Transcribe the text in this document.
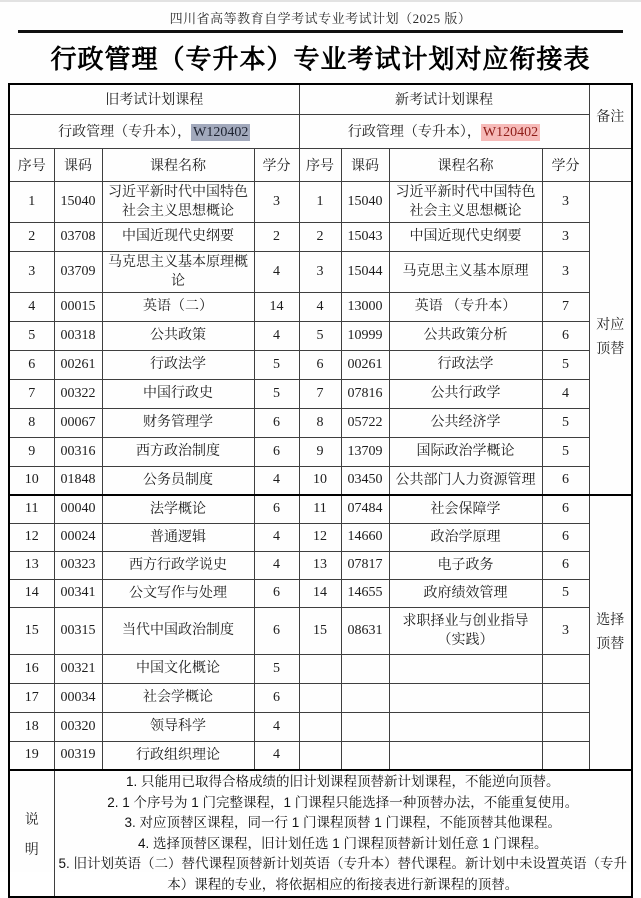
四川省高等教育自学考试专业考试计划（2025 版）
行政管理（专升本）专业考试计划对应衔接表
旧考试计划课程				新考试计划课程				备注
行政管理（专升本）， W120402				行政管理（专升本）， W120402				
序号	课码	课程名称	学分	序号	课码	课程名称	学分	
1	15040	习近平新时代中国特色社会主义思想概论	3	1	15040	习近平新时代中国特色社会主义思想概论	3	对应顶替
2	03708	中国近现代史纲要	2	2	15043	中国近现代史纲要	3	
3	03709	马克思主义基本原理概论	4	3	15044	马克思主义基本原理	3	
4	00015	英语（二）	14	4	13000	英语 （专升本）	7	
5	00318	公共政策	4	5	10999	公共政策分析	6	
6	00261	行政法学	5	6	00261	行政法学	5	
7	00322	中国行政史	5	7	07816	公共行政学	4	
8	00067	财务管理学	6	8	05722	公共经济学	5	
9	00316	西方政治制度	6	9	13709	国际政治学概论	5	
10	01848	公务员制度	4	10	03450	公共部门人力资源管理	6	
11	00040	法学概论	6	11	07484	社会保障学	6	选择顶替
12	00024	普通逻辑	4	12	14660	政治学原理	6	
13	00323	西方行政学说史	4	13	07817	电子政务	6	
14	00341	公文写作与处理	6	14	14655	政府绩效管理	5	
15	00315	当代中国政治制度	6	15	08631	求职择业与创业指导（实践）	3	
16	00321	中国文化概论	5					
17	00034	社会学概论	6					
18	00320	领导科学	4					
19	00319	行政组织理论	4					
说明	1. 只能用已取得合格成绩的旧计划课程顶替新计划课程，不能逆向顶替。
2. 1 个序号为 1 门完整课程，1 门课程只能选择一种顶替办法，不能重复使用。
3. 对应顶替区课程，同一行 1 门课程顶替 1 门课程，不能顶替其他课程。
4. 选择顶替区课程，旧计划任选 1 门课程顶替新计划任意 1 门课程。
5. 旧计划英语（二）替代课程顶替新计划英语（专升本）替代课程。新计划中未设置英语（专升本）课程的专业，将依据相应的衔接表进行新课程的顶替。							
